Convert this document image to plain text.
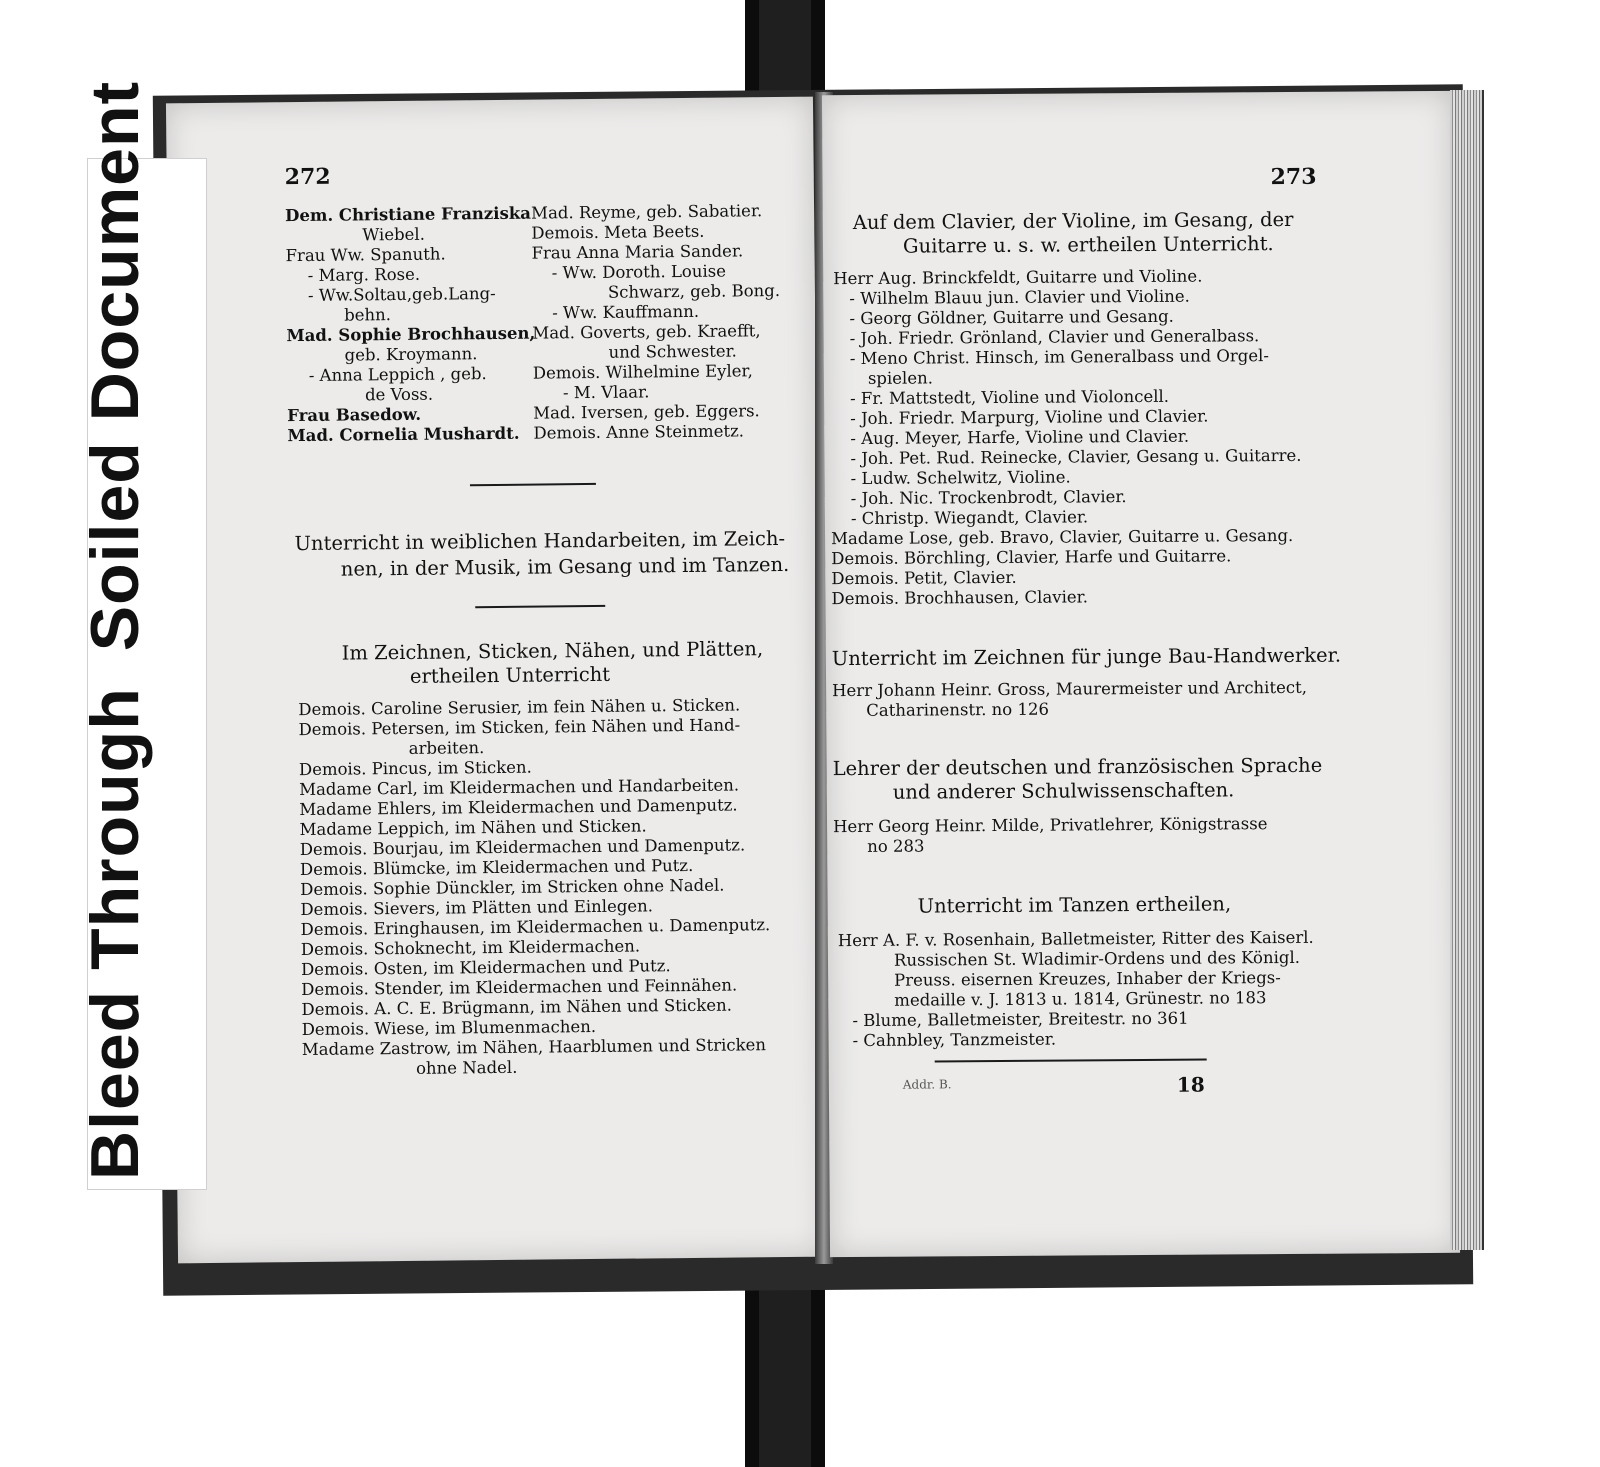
272
Dem. Christiane Franziska
Wiebel.
Frau Ww. Spanuth.
- Marg. Rose.
- Ww.Soltau,geb.Lang-
behn.
Mad. Sophie Brochhausen,
geb. Kroymann.
- Anna Leppich , geb.
de Voss.
Frau Basedow.
Mad. Cornelia Mushardt.
Mad. Reyme, geb. Sabatier.
Demois. Meta Beets.
Frau Anna Maria Sander.
- Ww. Doroth. Louise
Schwarz, geb. Bong.
- Ww. Kauffmann.
Mad. Goverts, geb. Kraefft,
und Schwester.
Demois. Wilhelmine Eyler,
- M. Vlaar.
Mad. Iversen, geb. Eggers.
Demois. Anne Steinmetz.
Unterricht in weiblichen Handarbeiten, im Zeich-
nen, in der Musik, im Gesang und im Tanzen.
Im Zeichnen, Sticken, Nähen, und Plätten,
ertheilen Unterricht
Demois. Caroline Serusier, im fein Nähen u. Sticken.
Demois. Petersen, im Sticken, fein Nähen und Hand-
arbeiten.
Demois. Pincus, im Sticken.
Madame Carl, im Kleidermachen und Handarbeiten.
Madame Ehlers, im Kleidermachen und Damenputz.
Madame Leppich, im Nähen und Sticken.
Demois. Bourjau, im Kleidermachen und Damenputz.
Demois. Blümcke, im Kleidermachen und Putz.
Demois. Sophie Dünckler, im Stricken ohne Nadel.
Demois. Sievers, im Plätten und Einlegen.
Demois. Eringhausen, im Kleidermachen u. Damenputz.
Demois. Schoknecht, im Kleidermachen.
Demois. Osten, im Kleidermachen und Putz.
Demois. Stender, im Kleidermachen und Feinnähen.
Demois. A. C. E. Brügmann, im Nähen und Sticken.
Demois. Wiese, im Blumenmachen.
Madame Zastrow, im Nähen, Haarblumen und Stricken
ohne Nadel.
273
Auf dem Clavier, der Violine, im Gesang, der
Guitarre u. s. w. ertheilen Unterricht.
Herr Aug. Brinckfeldt, Guitarre und Violine.
- Wilhelm Blauu jun. Clavier und Violine.
- Georg Göldner, Guitarre und Gesang.
- Joh. Friedr. Grönland, Clavier und Generalbass.
- Meno Christ. Hinsch, im Generalbass und Orgel-
spielen.
- Fr. Mattstedt, Violine und Violoncell.
- Joh. Friedr. Marpurg, Violine und Clavier.
- Aug. Meyer, Harfe, Violine und Clavier.
- Joh. Pet. Rud. Reinecke, Clavier, Gesang u. Guitarre.
- Ludw. Schelwitz, Violine.
- Joh. Nic. Trockenbrodt, Clavier.
- Christp. Wiegandt, Clavier.
Madame Lose, geb. Bravo, Clavier, Guitarre u. Gesang.
Demois. Börchling, Clavier, Harfe und Guitarre.
Demois. Petit, Clavier.
Demois. Brochhausen, Clavier.
Unterricht im Zeichnen für junge Bau-Handwerker.
Herr Johann Heinr. Gross, Maurermeister und Architect,
Catharinenstr. no 126
Lehrer der deutschen und französischen Sprache
und anderer Schulwissenschaften.
Herr Georg Heinr. Milde, Privatlehrer, Königstrasse
no 283
Unterricht im Tanzen ertheilen,
Herr A. F. v. Rosenhain, Balletmeister, Ritter des Kaiserl.
Russischen St. Wladimir-Ordens und des Königl.
Preuss. eisernen Kreuzes, Inhaber der Kriegs-
medaille v. J. 1813 u. 1814, Grünestr. no 183
- Blume, Balletmeister, Breitestr. no 361
- Cahnbley, Tanzmeister.
Addr. B.	18
Bleed Through
Soiled Document
